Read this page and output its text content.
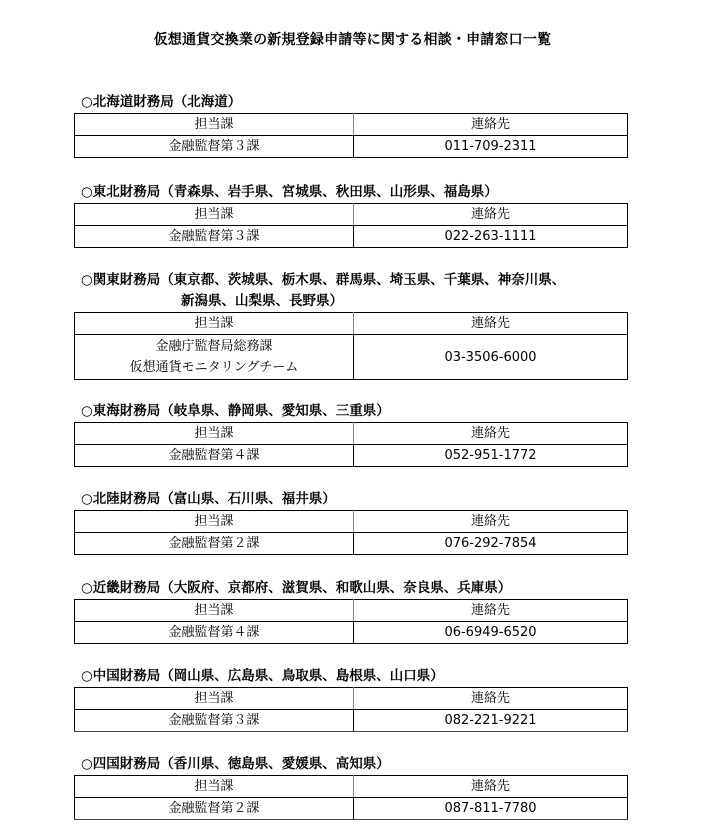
仮想通貨交換業の新規登録申請等に関する相談・申請窓口一覧
○北海道財務局（北海道）
担当課	連絡先
金融監督第３課	011-709-2311
○東北財務局（青森県、岩手県、宮城県、秋田県、山形県、福島県）
担当課	連絡先
金融監督第３課	022-263-1111
○関東財務局（東京都、茨城県、栃木県、群馬県、埼玉県、千葉県、神奈川県、
新潟県、山梨県、長野県）
担当課	連絡先

金融庁監督局総務課
仮想通貨モニタリングチーム	03-3506-6000
○東海財務局（岐阜県、静岡県、愛知県、三重県）
担当課	連絡先
金融監督第４課	052-951-1772
○北陸財務局（富山県、石川県、福井県）
担当課	連絡先
金融監督第２課	076-292-7854
○近畿財務局（大阪府、京都府、滋賀県、和歌山県、奈良県、兵庫県）
担当課	連絡先
金融監督第４課	06-6949-6520
○中国財務局（岡山県、広島県、鳥取県、島根県、山口県）
担当課	連絡先
金融監督第３課	082-221-9221
○四国財務局（香川県、徳島県、愛媛県、高知県）
担当課	連絡先
金融監督第２課	087-811-7780
